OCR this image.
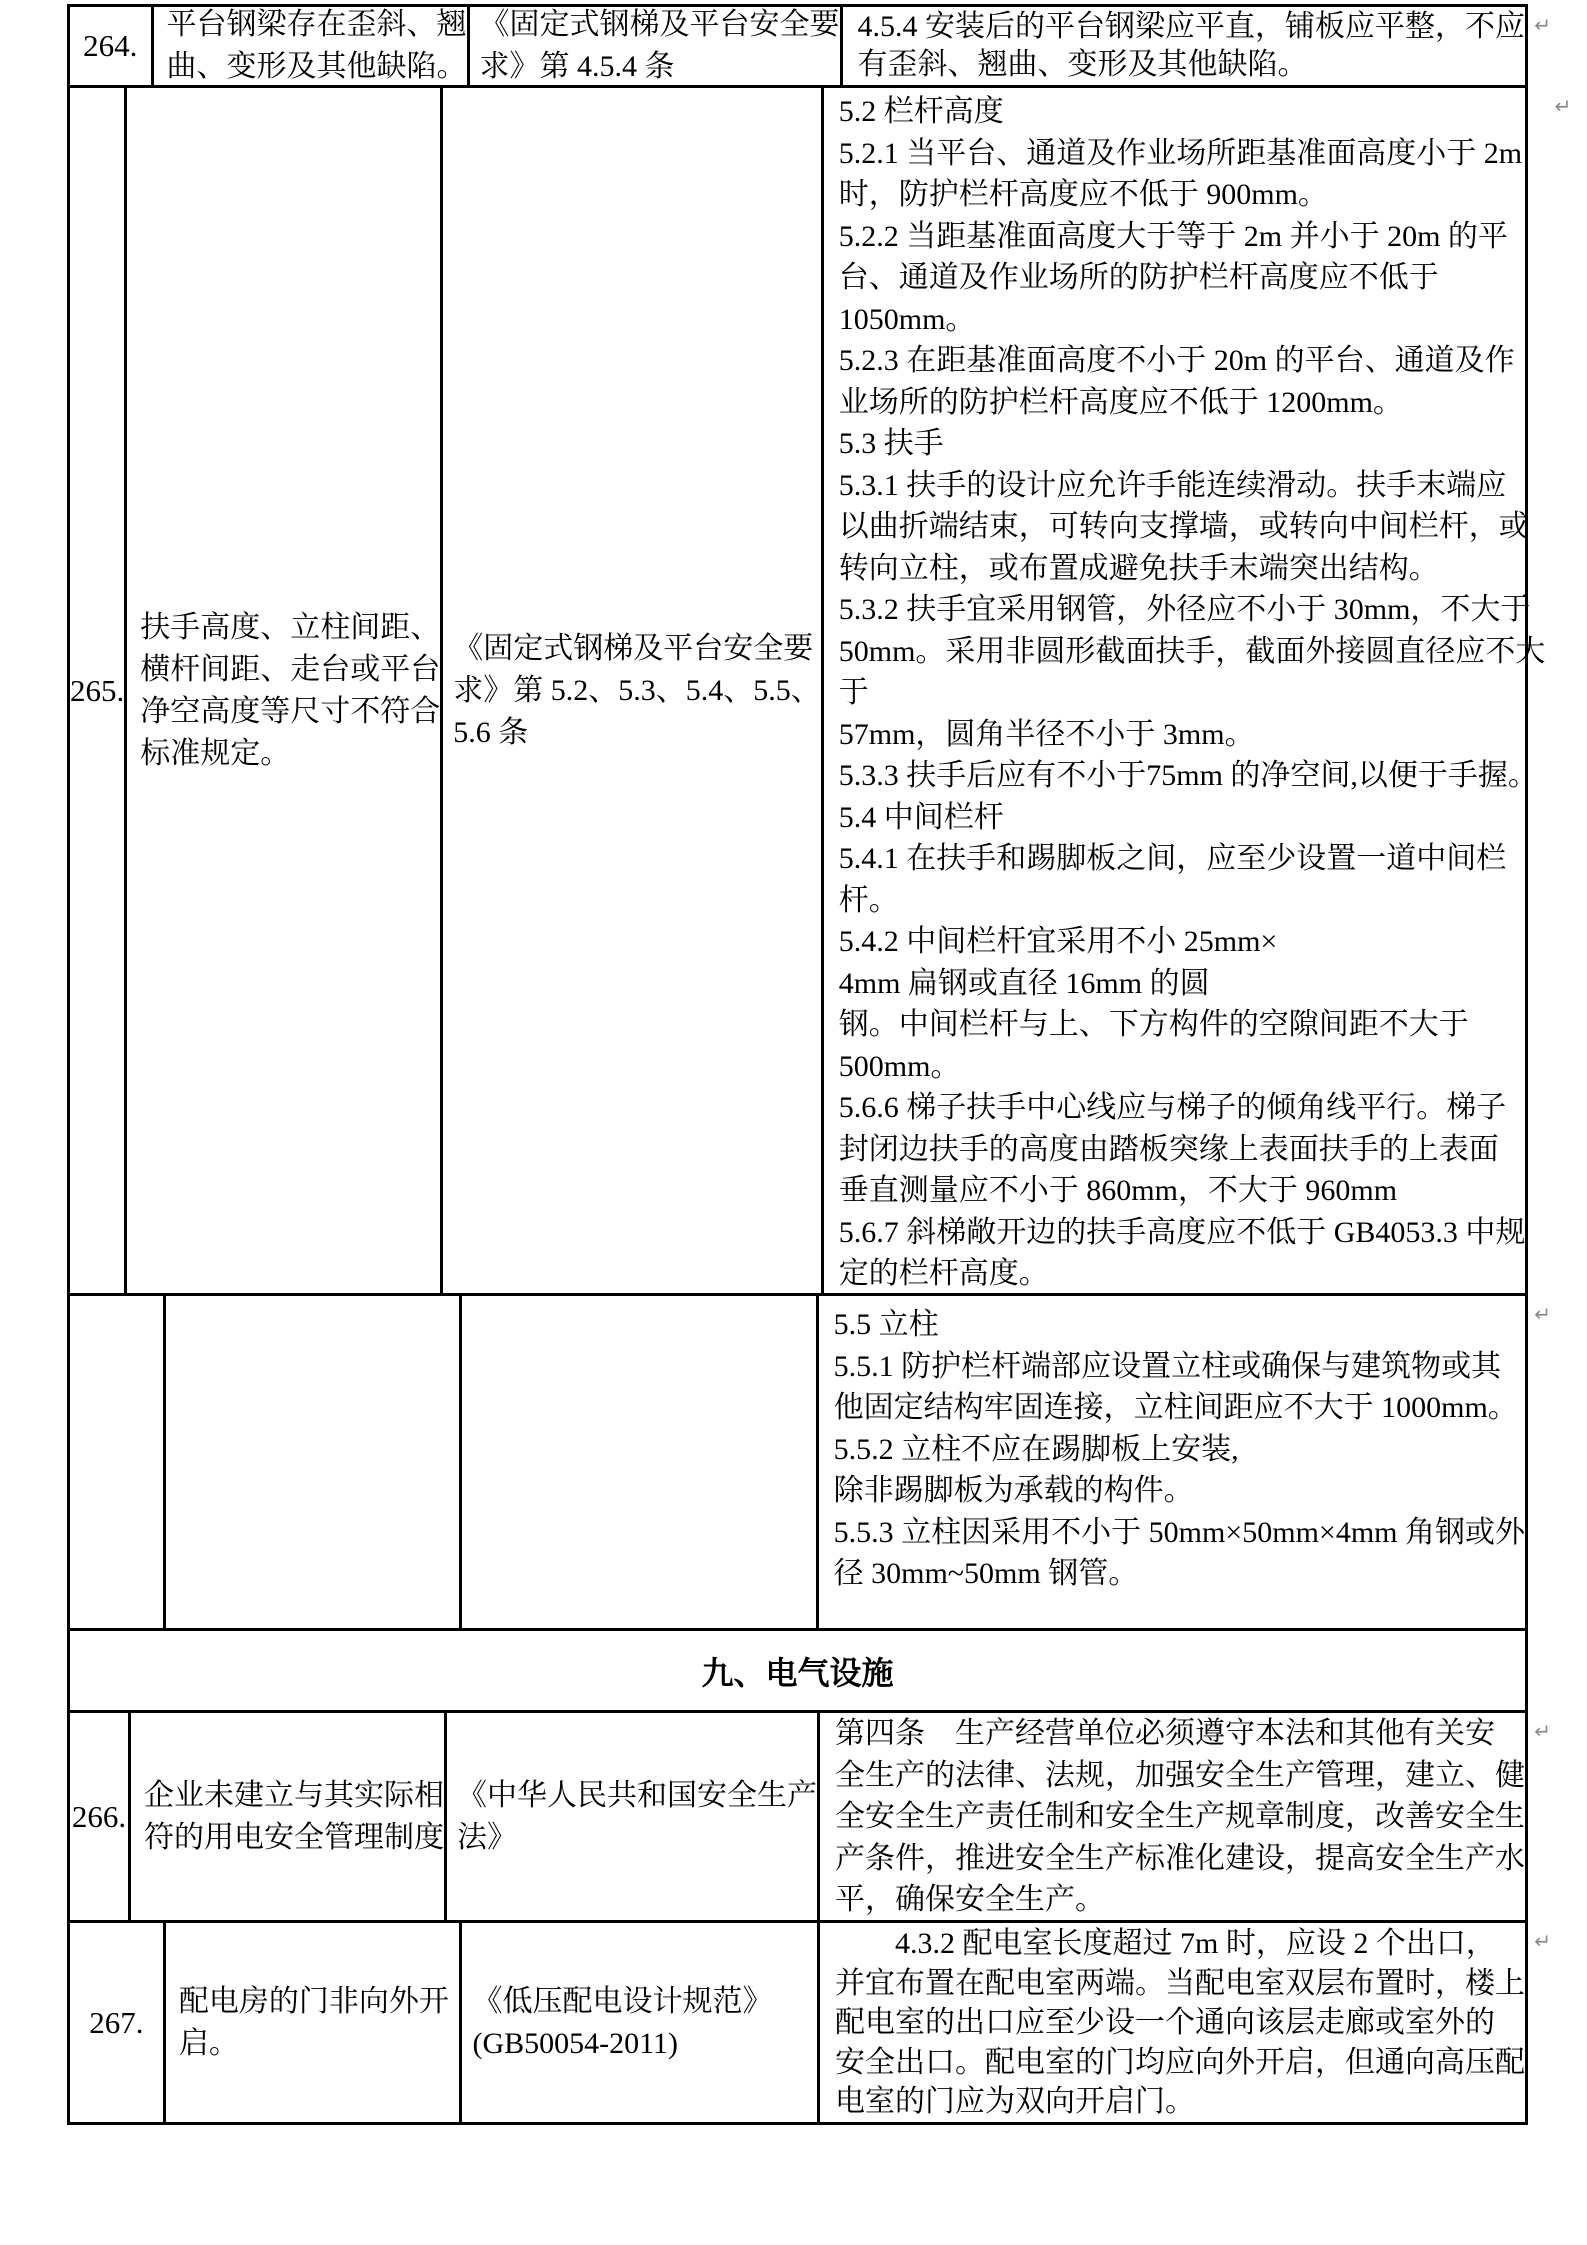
264.
平台钢梁存在歪斜、翘
曲、变形及其他缺陷。
《固定式钢梯及平台安全要
求》第 4.5.4 条
4.5.4 安装后的平台钢梁应平直，铺板应平整，不应
有歪斜、翘曲、变形及其他缺陷。
↵
265.
扶手高度、立柱间距、
横杆间距、走台或平台
净空高度等尺寸不符合
标准规定。
《固定式钢梯及平台安全要
求》第 5.2、5.3、5.4、5.5、
5.6 条
5.2 栏杆高度
5.2.1 当平台、通道及作业场所距基准面高度小于 2m
时，防护栏杆高度应不低于 900mm。
5.2.2 当距基准面高度大于等于 2m 并小于 20m 的平
台、通道及作业场所的防护栏杆高度应不低于
1050mm。
5.2.3 在距基准面高度不小于 20m 的平台、通道及作
业场所的防护栏杆高度应不低于 1200mm。
5.3 扶手
5.3.1 扶手的设计应允许手能连续滑动。扶手末端应
以曲折端结束，可转向支撑墙，或转向中间栏杆，或
转向立柱，或布置成避免扶手末端突出结构。
5.3.2 扶手宜采用钢管，外径应不小于 30mm，不大于
50mm。采用非圆形截面扶手，截面外接圆直径应不大
于
57mm，圆角半径不小于 3mm。
5.3.3 扶手后应有不小于75mm 的净空间,以便于手握。
5.4 中间栏杆
5.4.1 在扶手和踢脚板之间，应至少设置一道中间栏
杆。
5.4.2 中间栏杆宜采用不小 25mm×
4mm 扁钢或直径 16mm 的圆
钢。中间栏杆与上、下方构件的空隙间距不大于
500mm。
5.6.6 梯子扶手中心线应与梯子的倾角线平行。梯子
封闭边扶手的高度由踏板突缘上表面扶手的上表面
垂直测量应不小于 860mm，不大于 960mm
5.6.7 斜梯敞开边的扶手高度应不低于 GB4053.3 中规
定的栏杆高度。
↵
5.5 立柱
5.5.1 防护栏杆端部应设置立柱或确保与建筑物或其
他固定结构牢固连接，立柱间距应不大于 1000mm。
5.5.2 立柱不应在踢脚板上安装,
除非踢脚板为承载的构件。
5.5.3 立柱因采用不小于 50mm×50mm×4mm 角钢或外
径 30mm~50mm 钢管。
↵
九、电气设施
266.
企业未建立与其实际相
符的用电安全管理制度
《中华人民共和国安全生产
法》
第四条　生产经营单位必须遵守本法和其他有关安
全生产的法律、法规，加强安全生产管理，建立、健
全安全生产责任制和安全生产规章制度，改善安全生
产条件，推进安全生产标准化建设，提高安全生产水
平，确保安全生产。
↵
267.
配电房的门非向外开
启。
《低压配电设计规范》
(GB50054-2011)
　　4.3.2 配电室长度超过 7m 时，应设 2 个出口，
并宜布置在配电室两端。当配电室双层布置时，楼上
配电室的出口应至少设一个通向该层走廊或室外的
安全出口。配电室的门均应向外开启，但通向高压配
电室的门应为双向开启门。
↵
